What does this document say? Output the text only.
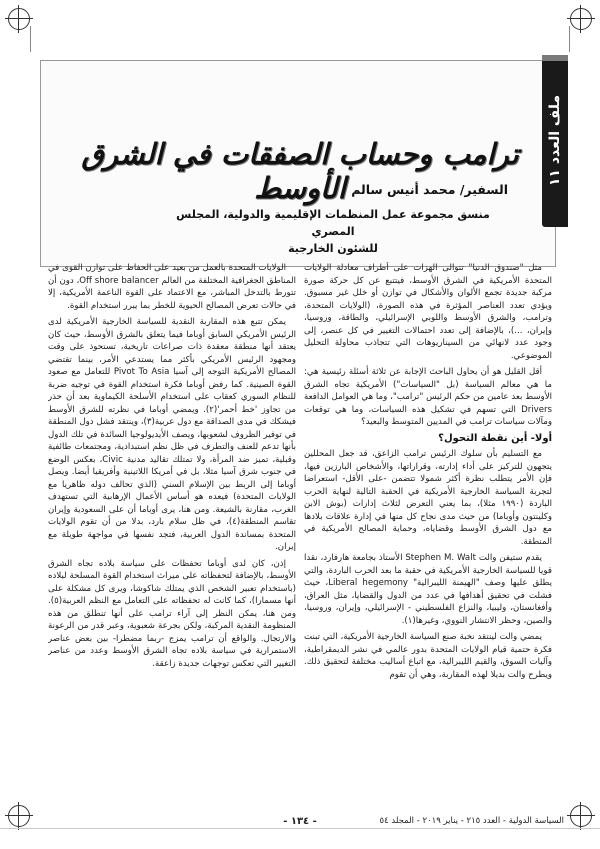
ملف العدد ١١
ترامب وحساب الصفقات في الشرق الأوسط السفير/ محمد أنيس سالم
منسق مجموعة عمل المنظمات الإقليمية والدولية، المجلس المصري
للشئون الخارجية

مثل "صندوق الدنيا" تتوالى الهزات على أطراف معادلة الولايات المتحدة الأمريكية في الشرق الأوسط، فيتتبع عن كل حركة صورة مركبة جديدة تجمع الألوان والأشكال في توازن أو خلل غير مسبوق. ويؤدي تعدد العناصر المؤثرة في هذه الصورة، (الولايات المتحدة، وترامب، والشرق الأوسط واللوبي الإسرائيلي، والطاقة، وروسيا، وإيران، ...)، بالإضافة إلى تعدد احتمالات التغيير في كل عنصر، إلى وجود عدد لانهائي من السيناريوهات التي تتجاذب محاولة التحليل الموضوعي.

أقل القليل هو أن يحاول الباحث الإجابة عن ثلاثة أسئلة رئيسية هي: ما هي معالم السياسة (بل "السياسات") الأمريكية تجاه الشرق الأوسط بعد عامين من حكم الرئيس "ترامب"، وما هي العوامل الدافعة Drivers التي تسهم في تشكيل هذه السياسات، وما هي توقعات ومآلات سياسات ترامب في المديين المتوسط والبعيد؟

أولا- أين نقطة التحول؟

مع التسليم بأن سلوك الرئيس ترامب الزاعق، قد جعل المحللين يتجهون للتركيز على أداء إدارته، وقراراتها، والأشخاص البارزين فيها، فإن الأمر يتطلب نظرة أكثر شمولا تتضمن -على الأقل- استعراضا لتجربة السياسة الخارجية الأمريكية في الحقبة التالية لنهاية الحرب الباردة (١٩٩٠ مثلا)، بما يعني التعرض لثلاث إدارات (بوش الابن وكلينتون وأوباما) من حيث مدى نجاح كل منها في إدارة علاقات بلادها مع دول الشرق الأوسط وقضاياه، وحماية المصالح الأمريكية في المنطقة.

يقدم ستيفن والت Stephen M. Walt الأستاذ بجامعة هارفارد، نقدا قويا للسياسة الخارجية الأمريكية في حقبة ما بعد الحرب الباردة، والتي يطلق عليها وصف "الهيمنة الليبرالية" Liberal hegemony، حيث فشلت في تحقيق أهدافها في عدد من الدول والقضايا، مثل العراق، وأفغانستان، وليبيا، والنزاع الفلسطيني - الإسرائيلي، وإيران، وروسيا، والصين، وحظر الانتشار النووي، وغيرها(١).

يمضي والت لينتقد نخبة صنع السياسة الخارجية الأمريكية، التي تبنت فكرة حتمية قيام الولايات المتحدة بدور عالمي في نشر الديمقراطية، وآليات السوق، والقيم الليبرالية، مع اتباع أساليب مختلفة لتحقيق ذلك. ويطرح والت بديلا لهذه المقاربة، وهي أن تقوم

الولايات المتحدة بالعمل من بعيد على الحفاظ على توازن القوى في المناطق الجغرافية المختلفة من العالم Off shore balancer، دون أن تتورط بالتدخل المباشر، مع الاعتماد على القوة الناعمة الأمريكية، إلا في حالات تعرض المصالح الحيوية للخطر بما يبرر استخدام القوة.

يمكن تتبع هذه المقاربة النقدية للسياسة الخارجية الأمريكية لدى الرئيس الأمريكي السابق أوباما فيما يتعلق بالشرق الأوسط، حيث كان يعتقد أنها منطقة معقدة ذات صراعات تاريخية، تستحوذ على وقت ومجهود الرئيس الأمريكي بأكثر مما يستدعي الأمر، بينما تقتضي المصالح الأمريكية التوجه إلى آسيا Pivot To Asia للتعامل مع صعود القوة الصينية. كما رفض أوباما فكرة استخدام القوة في توجيه ضربة للنظام السوري كعقاب على استخدام الأسلحة الكيماوية بعد أن حذر من تجاوز 'خط أحمر'(٢). ويمضي أوباما في نظرته للشرق الأوسط فيشكك في مدى الصداقة مع دول عربية(٣)، وينتقد فشل دول المنطقة في توفير الظروف لشعوبها، ويصف الأيديولوجيا السائدة في تلك الدول بأنها تدعم للعنف والتطرف في ظل نظم استبدادية، ومجتمعات طائفية وقبلية، تميز ضد المرأة، ولا تمتلك تقاليد مدنية Civic، بعكس الوضع في جنوب شرق آسيا مثلا، بل في أمريكا اللاتينية وأفريقيا أيضا. ويصل أوباما إلى الربط بين الإسلام السني (الذي تحالف دوله ظاهريا مع الولايات المتحدة) فيعده هو أساس الأعمال الإرهابية التي تستهدف الغرب، مقارنة بالشيعة. ومن هنا، يرى أوباما أن على السعودية وإيران تقاسم المنطقة(٤)، في ظل سلام بارد، بدلا من أن تقوم الولايات المتحدة بمساندة الدول العربية، فتجد نفسها في مواجهة طويلة مع إيران.

إذن، كان لدى أوباما تحفظات على سياسة بلاده تجاه الشرق الأوسط، بالإضافة لتحفظاته على ميراث استخدام القوة المسلحة لبلاده (باستخدام تعبير الشخص الذي يمتلك شاكوشا، ويرى كل مشكلة على أنها مسمارا)، كما كانت له تحفظاته على التعامل مع النظم العربية(٥). ومن هنا، يمكن النظر إلى آراء ترامب على أنها تنطلق من هذه المنظومة النقدية المركبة، ولكن بجرعة شعبوية، وعبر قدر من الرعونة والارتجال. والواقع أن ترامب يمزج -ربما مضطرا- بين بعض عناصر الاستمرارية في سياسة بلاده تجاه الشرق الأوسط وعدد من عناصر التغيير التي تعكس توجهات جديدة زاعقة.

السياسة الدولية - العدد ٢١٥ - يناير ٢٠١٩ - المجلد ٥٤
- ١٣٤ -
